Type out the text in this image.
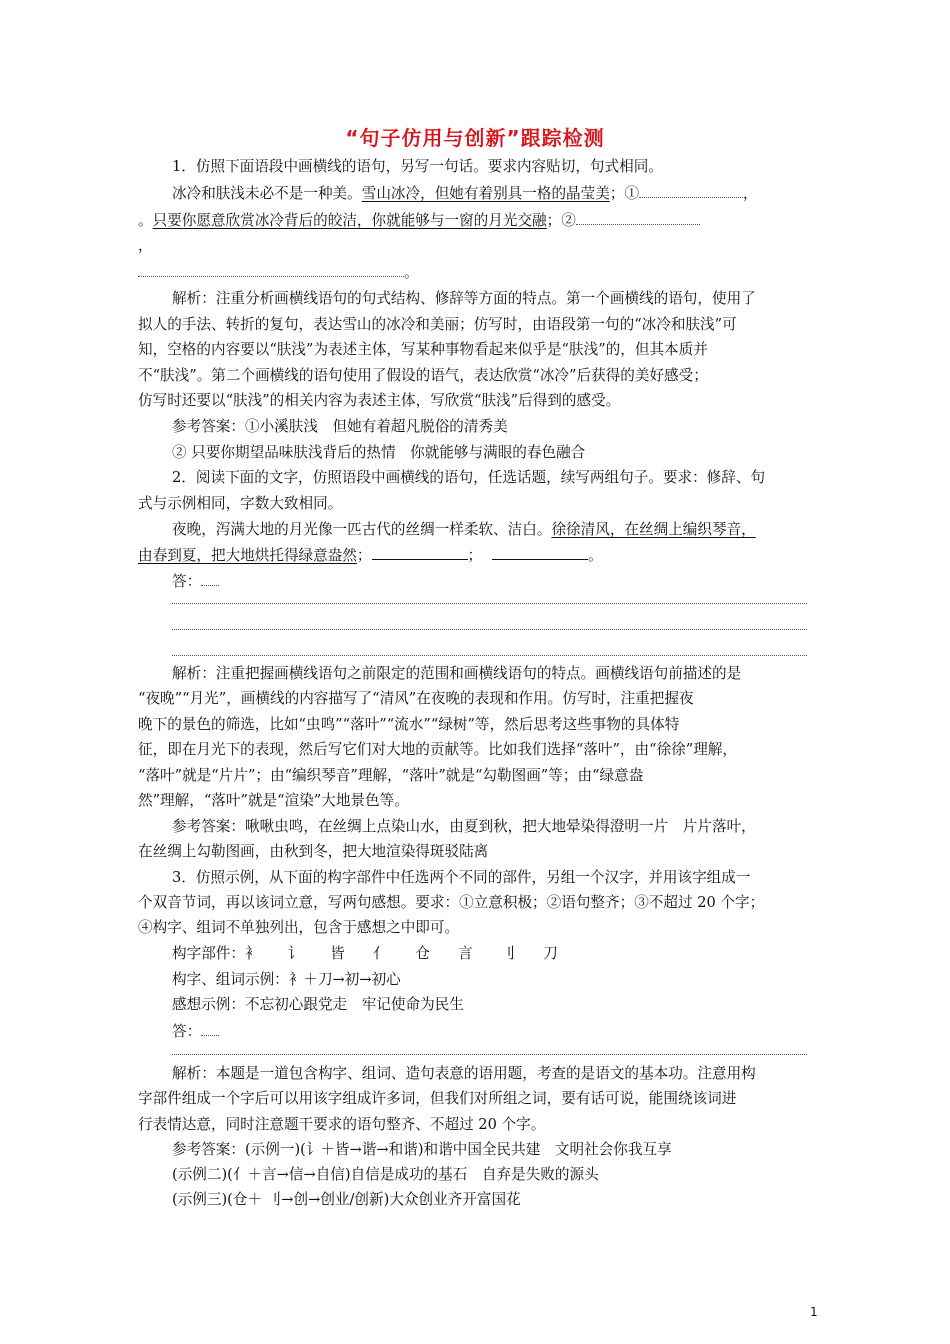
“句子仿用与创新”跟踪检测
1．仿照下面语段中画横线的语句，另写一句话。要求内容贴切，句式相同。
冰冷和肤浅未必不是一种美。雪山冰冷，但她有着别具一格的晶莹美；①	，
。只要你愿意欣赏冰冷背后的皎洁，你就能够与一窗的月光交融；②
，
。
解析：注重分析画横线语句的句式结构、修辞等方面的特点。第一个画横线的语句，使用了
拟人的手法、转折的复句，表达雪山的冰冷和美丽；仿写时，由语段第一句的“冰冷和肤浅”可
知，空格的内容要以“肤浅”为表述主体，写某种事物看起来似乎是“肤浅”的，但其本质并
不“肤浅”。第二个画横线的语句使用了假设的语气，表达欣赏“冰冷”后获得的美好感受；
仿写时还要以“肤浅”的相关内容为表述主体，写欣赏“肤浅”后得到的感受。
参考答案：①小溪肤浅　但她有着超凡脱俗的清秀美
② 只要你期望品味肤浅背后的热情　你就能够与满眼的春色融合
2．阅读下面的文字，仿照语段中画横线的语句，任选话题，续写两组句子。要求：修辞、句
式与示例相同，字数大致相同。
夜晚，泻满大地的月光像一匹古代的丝绸一样柔软、洁白。徐徐清风，在丝绸上编织琴音，
由春到夏，把大地烘托得绿意盎然；	；	。
答：
解析：注重把握画横线语句之前限定的范围和画横线语句的特点。画横线语句前描述的是
“夜晚”“月光”，画横线的内容描写了“清风”在夜晚的表现和作用。仿写时，注重把握夜
晚下的景色的筛选，比如“虫鸣”“落叶”“流水”“绿树”等，然后思考这些事物的具体特
征，即在月光下的表现，然后写它们对大地的贡献等。比如我们选择“落叶”，由“徐徐”理解，
“落叶”就是“片片”；由“编织琴音”理解，“落叶”就是“勾勒图画”等；由“绿意盎
然”理解，“落叶”就是“渲染”大地景色等。
参考答案：啾啾虫鸣，在丝绸上点染山水，由夏到秋，把大地晕染得澄明一片　片片落叶，
在丝绸上勾勒图画，由秋到冬，把大地渲染得斑驳陆离
3．仿照示例，从下面的构字部件中任选两个不同的部件，另组一个汉字，并用该字组成一
个双音节词，再以该词立意，写两句感想。要求：①立意积极；②语句整齐；③不超过 20 个字；
④构字、组词不单独列出，包含于感想之中即可。
构字部件：衤 讠 皆 亻 仓 言 刂 刀
构字、组词示例：衤＋刀→初→初心
感想示例：不忘初心跟党走　牢记使命为民生
答：
解析：本题是一道包含构字、组词、造句表意的语用题，考查的是语文的基本功。注意用构
字部件组成一个字后可以用该字组成许多词，但我们对所组之词，要有话可说，能围绕该词进
行表情达意，同时注意题干要求的语句整齐、不超过 20 个字。
参考答案：(示例一)(讠＋皆→谐→和谐)和谐中国全民共建　文明社会你我互享
(示例二)(亻＋言→信→自信)自信是成功的基石　自弃是失败的源头
(示例三)(仓＋ 刂→创→创业/创新)大众创业齐开富国花
1
